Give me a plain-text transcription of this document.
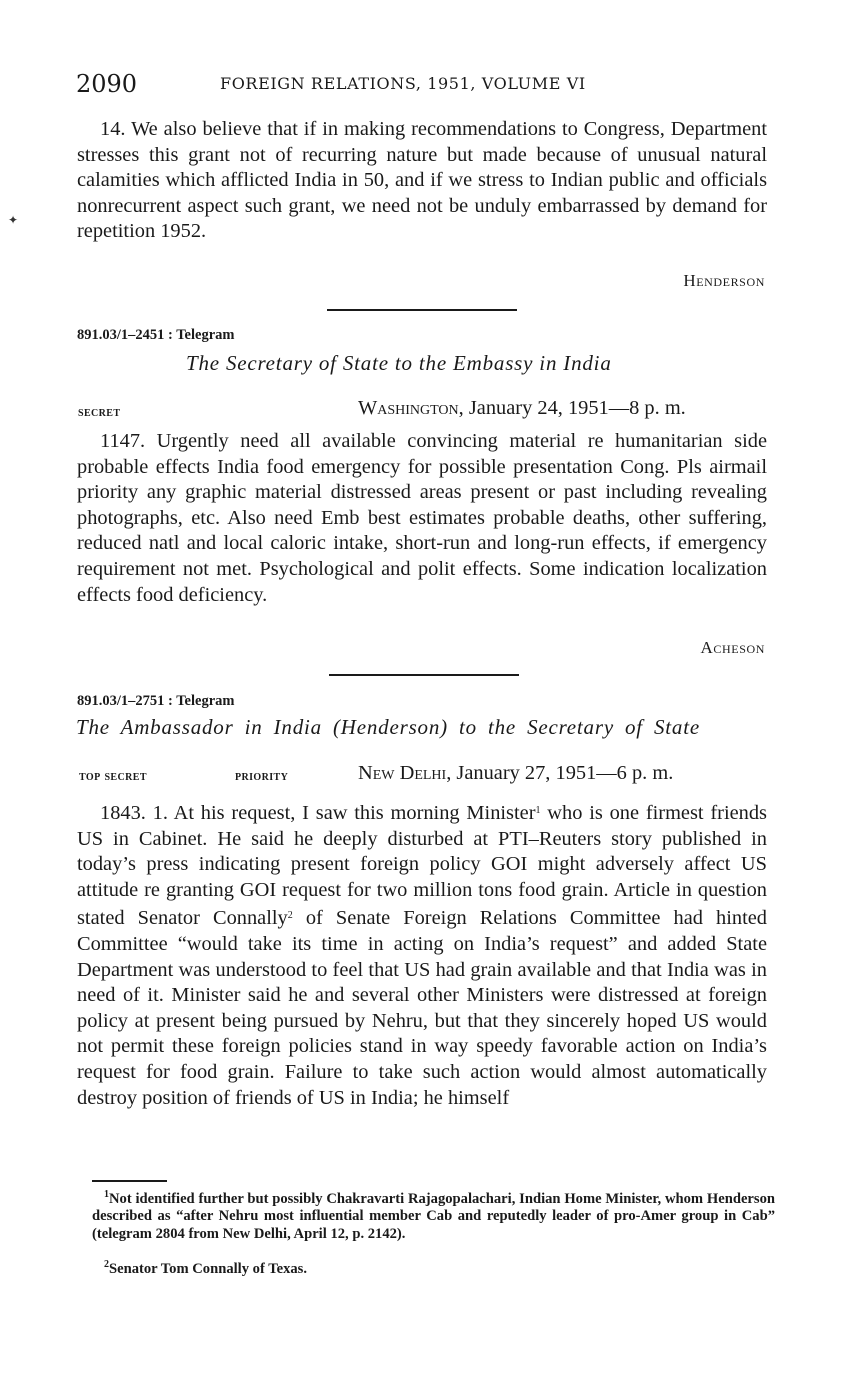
✦
2090	FOREIGN RELATIONS, 1951, VOLUME VI

14. We also believe that if in making recommendations to Congress, Department stresses this grant not of recurring nature but made because of unusual natural calamities which afflicted India in 50, and if we stress to Indian public and officials nonrecurrent aspect such grant, we need not be unduly embarrassed by demand for repetition 1952.

Henderson
891.03/1–2451 : Telegram
The Secretary of State to the Embassy in India
secret	Washington, January 24, 1951—8 p. m.

1147. Urgently need all available convincing material re humanitarian side probable effects India food emergency for possible presentation Cong. Pls airmail priority any graphic material distressed areas present or past including revealing photographs, etc. Also need Emb best estimates probable deaths, other suffering, reduced natl and local caloric intake, short-run and long-run effects, if emergency requirement not met. Psychological and polit effects. Some indication localization effects food deficiency.

Acheson
891.03/1–2751 : Telegram
The Ambassador in India (Henderson) to the Secretary of State
top secret	priority	New Delhi, January 27, 1951—6 p. m.

1843. 1. At his request, I saw this morning Minister$^1$ who is one firmest friends US in Cabinet. He said he deeply disturbed at PTI–Reuters story published in today’s press indicating present foreign policy GOI might adversely affect US attitude re granting GOI request for two million tons food grain. Article in question stated Senator Connally$^2$ of Senate Foreign Relations Committee had hinted Committee “would take its time in acting on India’s request” and added State Department was understood to feel that US had grain available and that India was in need of it. Minister said he and several other Ministers were distressed at foreign policy at present being pursued by Nehru, but that they sincerely hoped US would not permit these foreign policies stand in way speedy favorable action on India’s request for food grain. Failure to take such action would almost automatically destroy position of friends of US in India; he himself

$^1$Not identified further but possibly Chakravarti Rajagopalachari, Indian Home Minister, whom Henderson described as “after Nehru most influential member Cab and reputedly leader of pro-Amer group in Cab” (telegram 2804 from New Delhi, April 12, p. 2142).
$^2$Senator Tom Connally of Texas.
